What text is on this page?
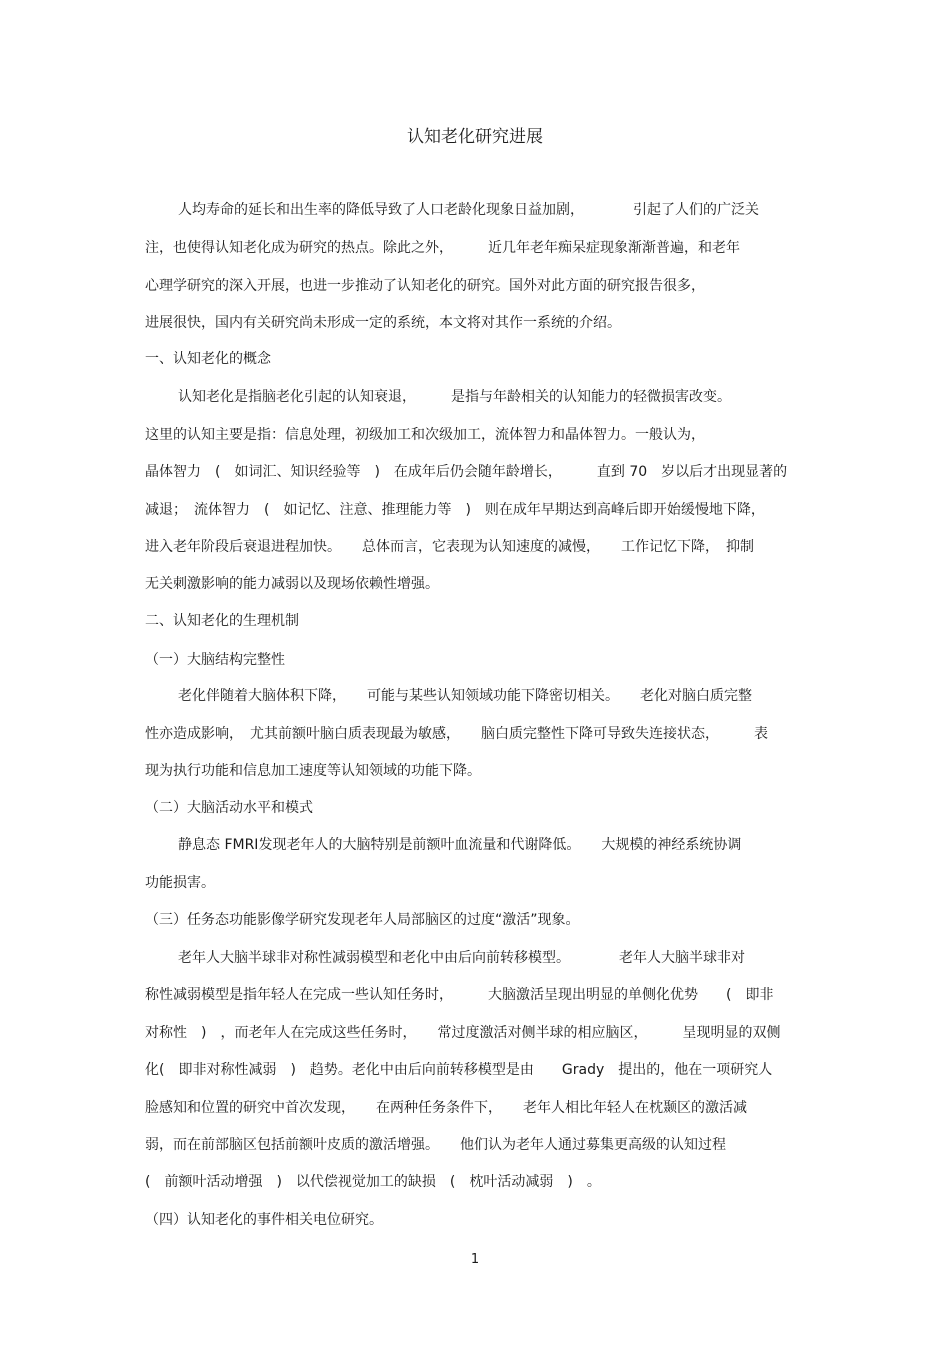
认知老化研究进展
人均寿命的延长和出生率的降低导致了人口老龄化现象日益加剧，　　　　引起了人们的广泛关
注，也使得认知老化成为研究的热点。除此之外，　　　近几年老年痴呆症现象渐渐普遍，和老年
心理学研究的深入开展，也进一步推动了认知老化的研究。国外对此方面的研究报告很多，
进展很快，国内有关研究尚未形成一定的系统，本文将对其作一系统的介绍。
一、认知老化的概念
认知老化是指脑老化引起的认知衰退，　　　是指与年龄相关的认知能力的轻微损害改变。
这里的认知主要是指：信息处理，初级加工和次级加工，流体智力和晶体智力。一般认为，
晶体智力　(　如词汇、知识经验等　)　在成年后仍会随年龄增长，　　　直到 70　岁以后才出现显著的
减退；　流体智力　(　如记忆、注意、推理能力等　)　则在成年早期达到高峰后即开始缓慢地下降，
进入老年阶段后衰退进程加快。　　总体而言，它表现为认知速度的减慢，　　工作记忆下降，　抑制
无关刺激影响的能力减弱以及现场依赖性增强。
二、认知老化的生理机制
（一）大脑结构完整性
老化伴随着大脑体积下降，　　可能与某些认知领域功能下降密切相关。　　老化对脑白质完整
性亦造成影响，　尤其前额叶脑白质表现最为敏感，　　脑白质完整性下降可导致失连接状态，　　　表
现为执行功能和信息加工速度等认知领域的功能下降。
（二）大脑活动水平和模式
静息态 FMRI发现老年人的大脑特别是前额叶血流量和代谢降低。　　大规模的神经系统协调
功能损害。
（三）任务态功能影像学研究发现老年人局部脑区的过度“激活”现象。
老年人大脑半球非对称性减弱模型和老化中由后向前转移模型。　　　　老年人大脑半球非对
称性减弱模型是指年轻人在完成一些认知任务时，　　　大脑激活呈现出明显的单侧化优势　　(　即非
对称性　)　，而老年人在完成这些任务时，　　常过度激活对侧半球的相应脑区，　　　呈现明显的双侧
化(　即非对称性减弱　)　趋势。老化中由后向前转移模型是由　　Grady　提出的，他在一项研究人
脸感知和位置的研究中首次发现，　　在两种任务条件下，　　老年人相比年轻人在枕颞区的激活减
弱，而在前部脑区包括前额叶皮质的激活增强。　　他们认为老年人通过募集更高级的认知过程
(　前额叶活动增强　)　以代偿视觉加工的缺损　(　枕叶活动减弱　)　。
（四）认知老化的事件相关电位研究。
1
